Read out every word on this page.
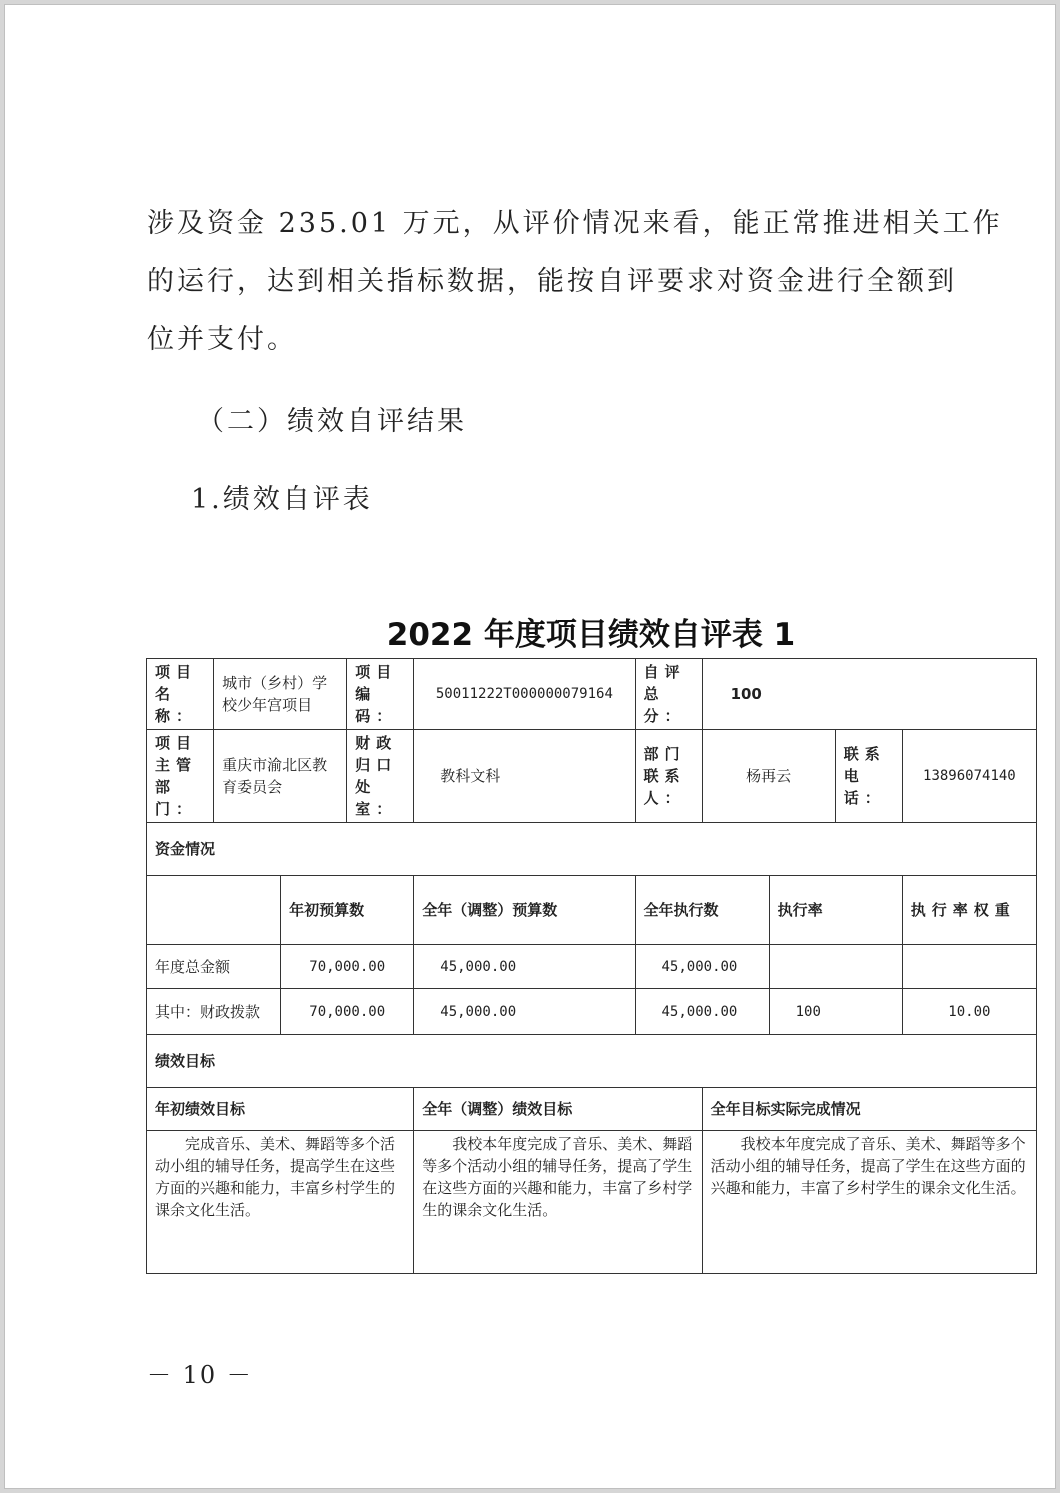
涉及资金 235.01 万元，从评价情况来看，能正常推进相关工作
的运行，达到相关指标数据，能按自评要求对资金进行全额到
位并支付。
（二）绩效自评结果
1.绩效自评表
2022 年度项目绩效自评表 1
项目名称：	城市（乡村）学校少年宫项目		项目编码：	50011222T000000079164	自评总分：	100			
项目主管部门：	重庆市渝北区教育委员会		财政归口处室：	教科文科	部门联系人：	杨再云		联系电话：	13896074140
资金情况									
		年初预算数		全年（调整）预算数	全年执行数		执行率		执行率权重
年度总金额		70,000.00		45,000.00	45,000.00				
其中：财政拨款		70,000.00		45,000.00	45,000.00		100		10.00
绩效目标									
年初绩效目标				全年（调整）绩效目标		全年目标实际完成情况			
完成音乐、美术、舞蹈等多个活动小组的辅导任务，提高学生在这些方面的兴趣和能力，丰富乡村学生的课余文化生活。				我校本年度完成了音乐、美术、舞蹈等多个活动小组的辅导任务，提高了学生在这些方面的兴趣和能力，丰富了乡村学生的课余文化生活。		我校本年度完成了音乐、美术、舞蹈等多个活动小组的辅导任务，提高了学生在这些方面的兴趣和能力，丰富了乡村学生的课余文化生活。			
－ 10 －
